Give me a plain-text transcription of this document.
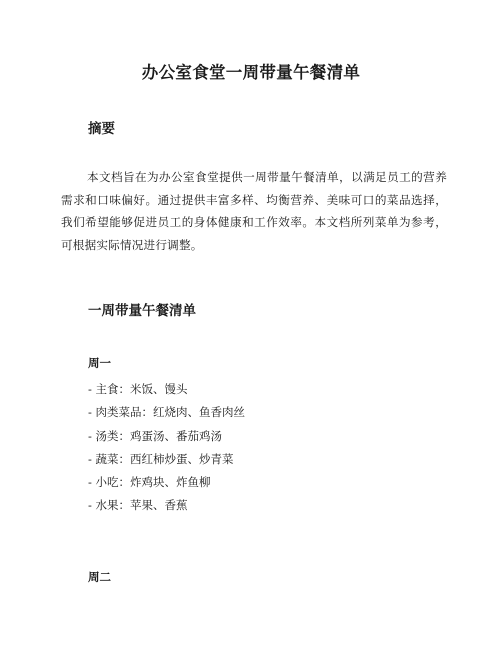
办公室食堂一周带量午餐清单
摘要

本文档旨在为办公室食堂提供一周带量午餐清单，以满足员工的营养需求和口味偏好。通过提供丰富多样、均衡营养、美味可口的菜品选择，我们希望能够促进员工的身体健康和工作效率。本文档所列菜单为参考，可根据实际情况进行调整。

一周带量午餐清单
周一
- 主食：米饭、馒头
- 肉类菜品：红烧肉、鱼香肉丝
- 汤类：鸡蛋汤、番茄鸡汤
- 蔬菜：西红柿炒蛋、炒青菜
- 小吃：炸鸡块、炸鱼柳
- 水果：苹果、香蕉
周二
